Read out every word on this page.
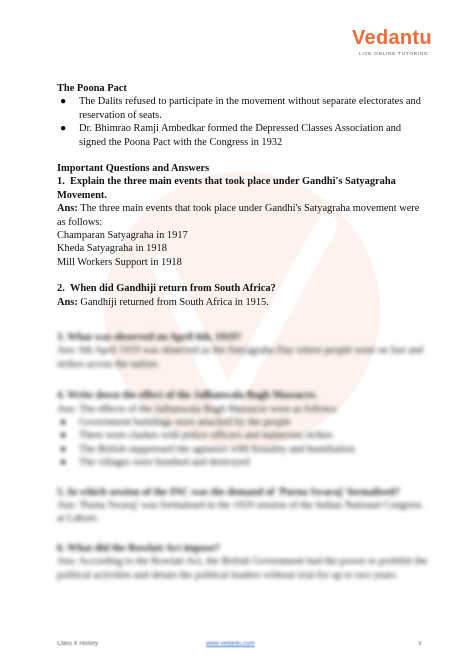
Vedantu
LIVE ONLINE TUTORING
The Poona Pact
● The Dalits refused to participate in the movement without separate electorates and reservation of seats.
● Dr. Bhimrao Ramji Ambedkar formed the Depressed Classes Association and signed the Poona Pact with the Congress in 1932
Important Questions and Answers
1. Explain the three main events that took place under Gandhi's Satyagraha Movement.
Ans: The three main events that took place under Gandhi's Satyagraha movement were as follows:
Champaran Satyagraha in 1917
Kheda Satyagraha in 1918
Mill Workers Support in 1918
2. When did Gandhiji return from South Africa?
Ans: Gandhiji returned from South Africa in 1915.
3. What was observed on April 6th, 1919?
Ans: 6th April 1919 was observed as the Satyagraha Day where people went on fast and strikes across the nation.
4. Write down the effect of the Jallianwala Bagh Massacre.
Ans: The effects of the Jallianwala Bagh Massacre were as follows:
● Government buildings were attacked by the people
● There were clashes with police officers and numerous strikes
● The British suppressed the agitators with brutality and humiliation
● The villages were bombed and destroyed
5. In which session of the INC was the demand of 'Purna Swaraj' formalised?
Ans: 'Purna Swaraj' was formalised in the 1929 session of the Indian National Congress at Lahore.
6. What did the Rowlatt Act impose?
Ans: According to the Rowlatt Act, the British Government had the power to prohibit the political activities and detain the political leaders without trial for up to two years.
Class X History	www.vedantu.com	3
